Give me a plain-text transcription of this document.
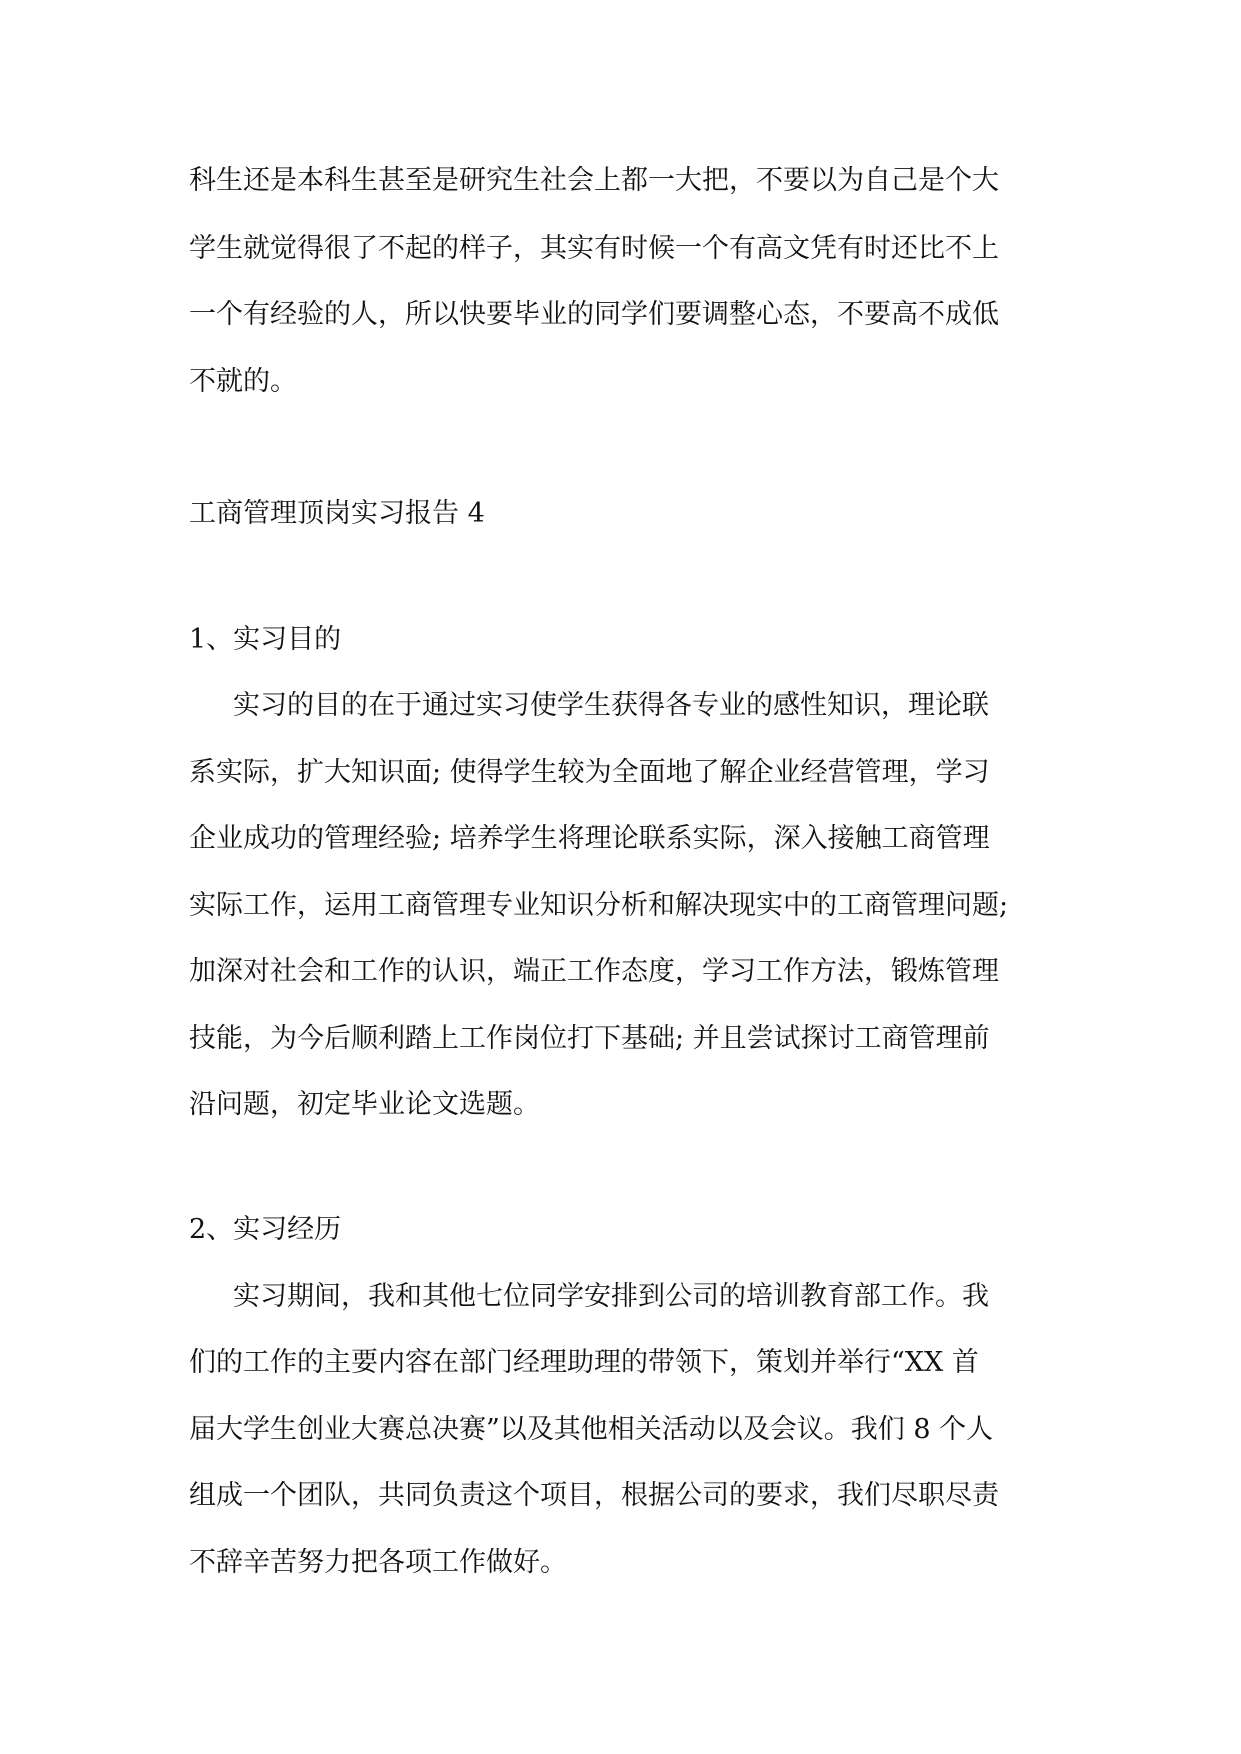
科生还是本科生甚至是研究生社会上都一大把，不要以为自己是个大
学生就觉得很了不起的样子，其实有时候一个有高文凭有时还比不上
一个有经验的人，所以快要毕业的同学们要调整心态，不要高不成低
不就的。
工商管理顶岗实习报告 4
1、实习目的
实习的目的在于通过实习使学生获得各专业的感性知识，理论联
系实际，扩大知识面; 使得学生较为全面地了解企业经营管理，学习
企业成功的管理经验; 培养学生将理论联系实际，深入接触工商管理
实际工作，运用工商管理专业知识分析和解决现实中的工商管理问题;
加深对社会和工作的认识，端正工作态度，学习工作方法，锻炼管理
技能，为今后顺利踏上工作岗位打下基础; 并且尝试探讨工商管理前
沿问题，初定毕业论文选题。
2、实习经历
实习期间，我和其他七位同学安排到公司的培训教育部工作。我
们的工作的主要内容在部门经理助理的带领下，策划并举行“XX 首
届大学生创业大赛总决赛”以及其他相关活动以及会议。我们 8 个人
组成一个团队，共同负责这个项目，根据公司的要求，我们尽职尽责
不辞辛苦努力把各项工作做好。
